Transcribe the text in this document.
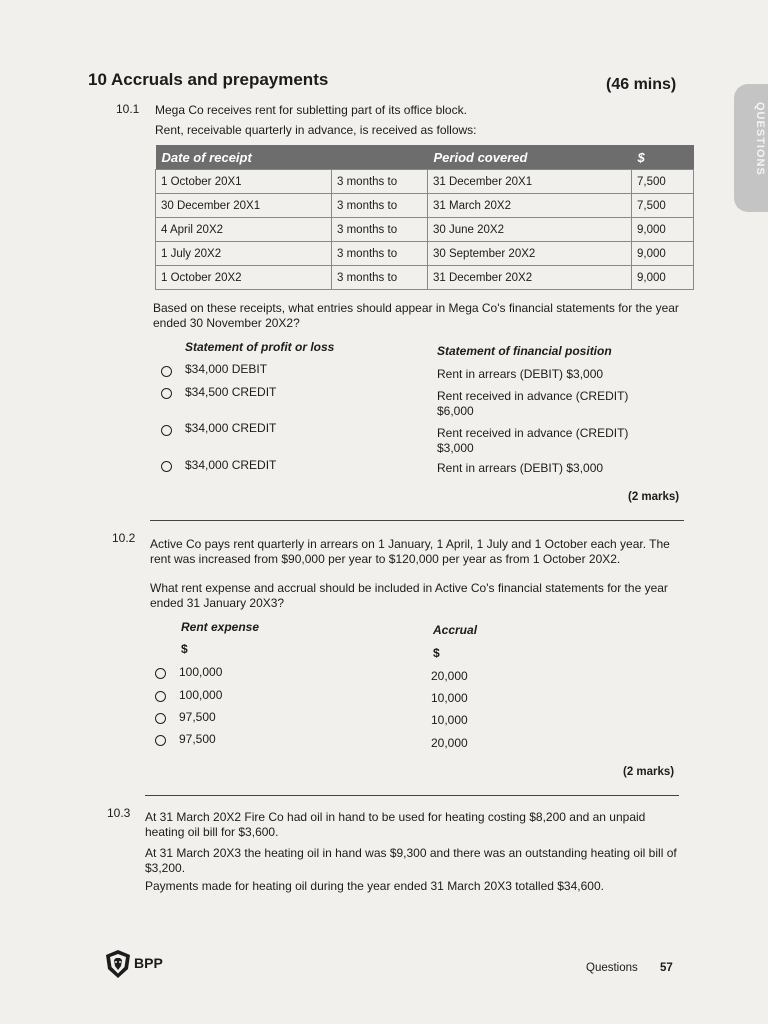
10 Accruals and prepayments	(46 mins)
QUESTIONS
10.1 Mega Co receives rent for subletting part of its office block.
Rent, receivable quarterly in advance, is received as follows:
Date of receipt		Period covered	$
1 October 20X1	3 months to	31 December 20X1	7,500
30 December 20X1	3 months to	31 March 20X2	7,500
4 April 20X2	3 months to	30 June 20X2	9,000
1 July 20X2	3 months to	30 September 20X2	9,000
1 October 20X2	3 months to	31 December 20X2	9,000
Based on these receipts, what entries should appear in Mega Co's financial statements for the year ended 30 November 20X2?
Statement of profit or loss	Statement of financial position
$34,000 DEBIT	Rent in arrears (DEBIT) $3,000
$34,500 CREDIT	Rent received in advance (CREDIT) $6,000
$34,000 CREDIT	Rent received in advance (CREDIT) $3,000
$34,000 CREDIT	Rent in arrears (DEBIT) $3,000
(2 marks)
10.2 Active Co pays rent quarterly in arrears on 1 January, 1 April, 1 July and 1 October each year. The rent was increased from $90,000 per year to $120,000 per year as from 1 October 20X2.
What rent expense and accrual should be included in Active Co's financial statements for the year ended 31 January 20X3?
Rent expense	Accrual
$	$
100,000	20,000
100,000	10,000
97,500	10,000
97,500	20,000
(2 marks)
10.3 At 31 March 20X2 Fire Co had oil in hand to be used for heating costing $8,200 and an unpaid heating oil bill for $3,600.
At 31 March 20X3 the heating oil in hand was $9,300 and there was an outstanding heating oil bill of $3,200.
Payments made for heating oil during the year ended 31 March 20X3 totalled $34,600.
BPP	Questions 57
